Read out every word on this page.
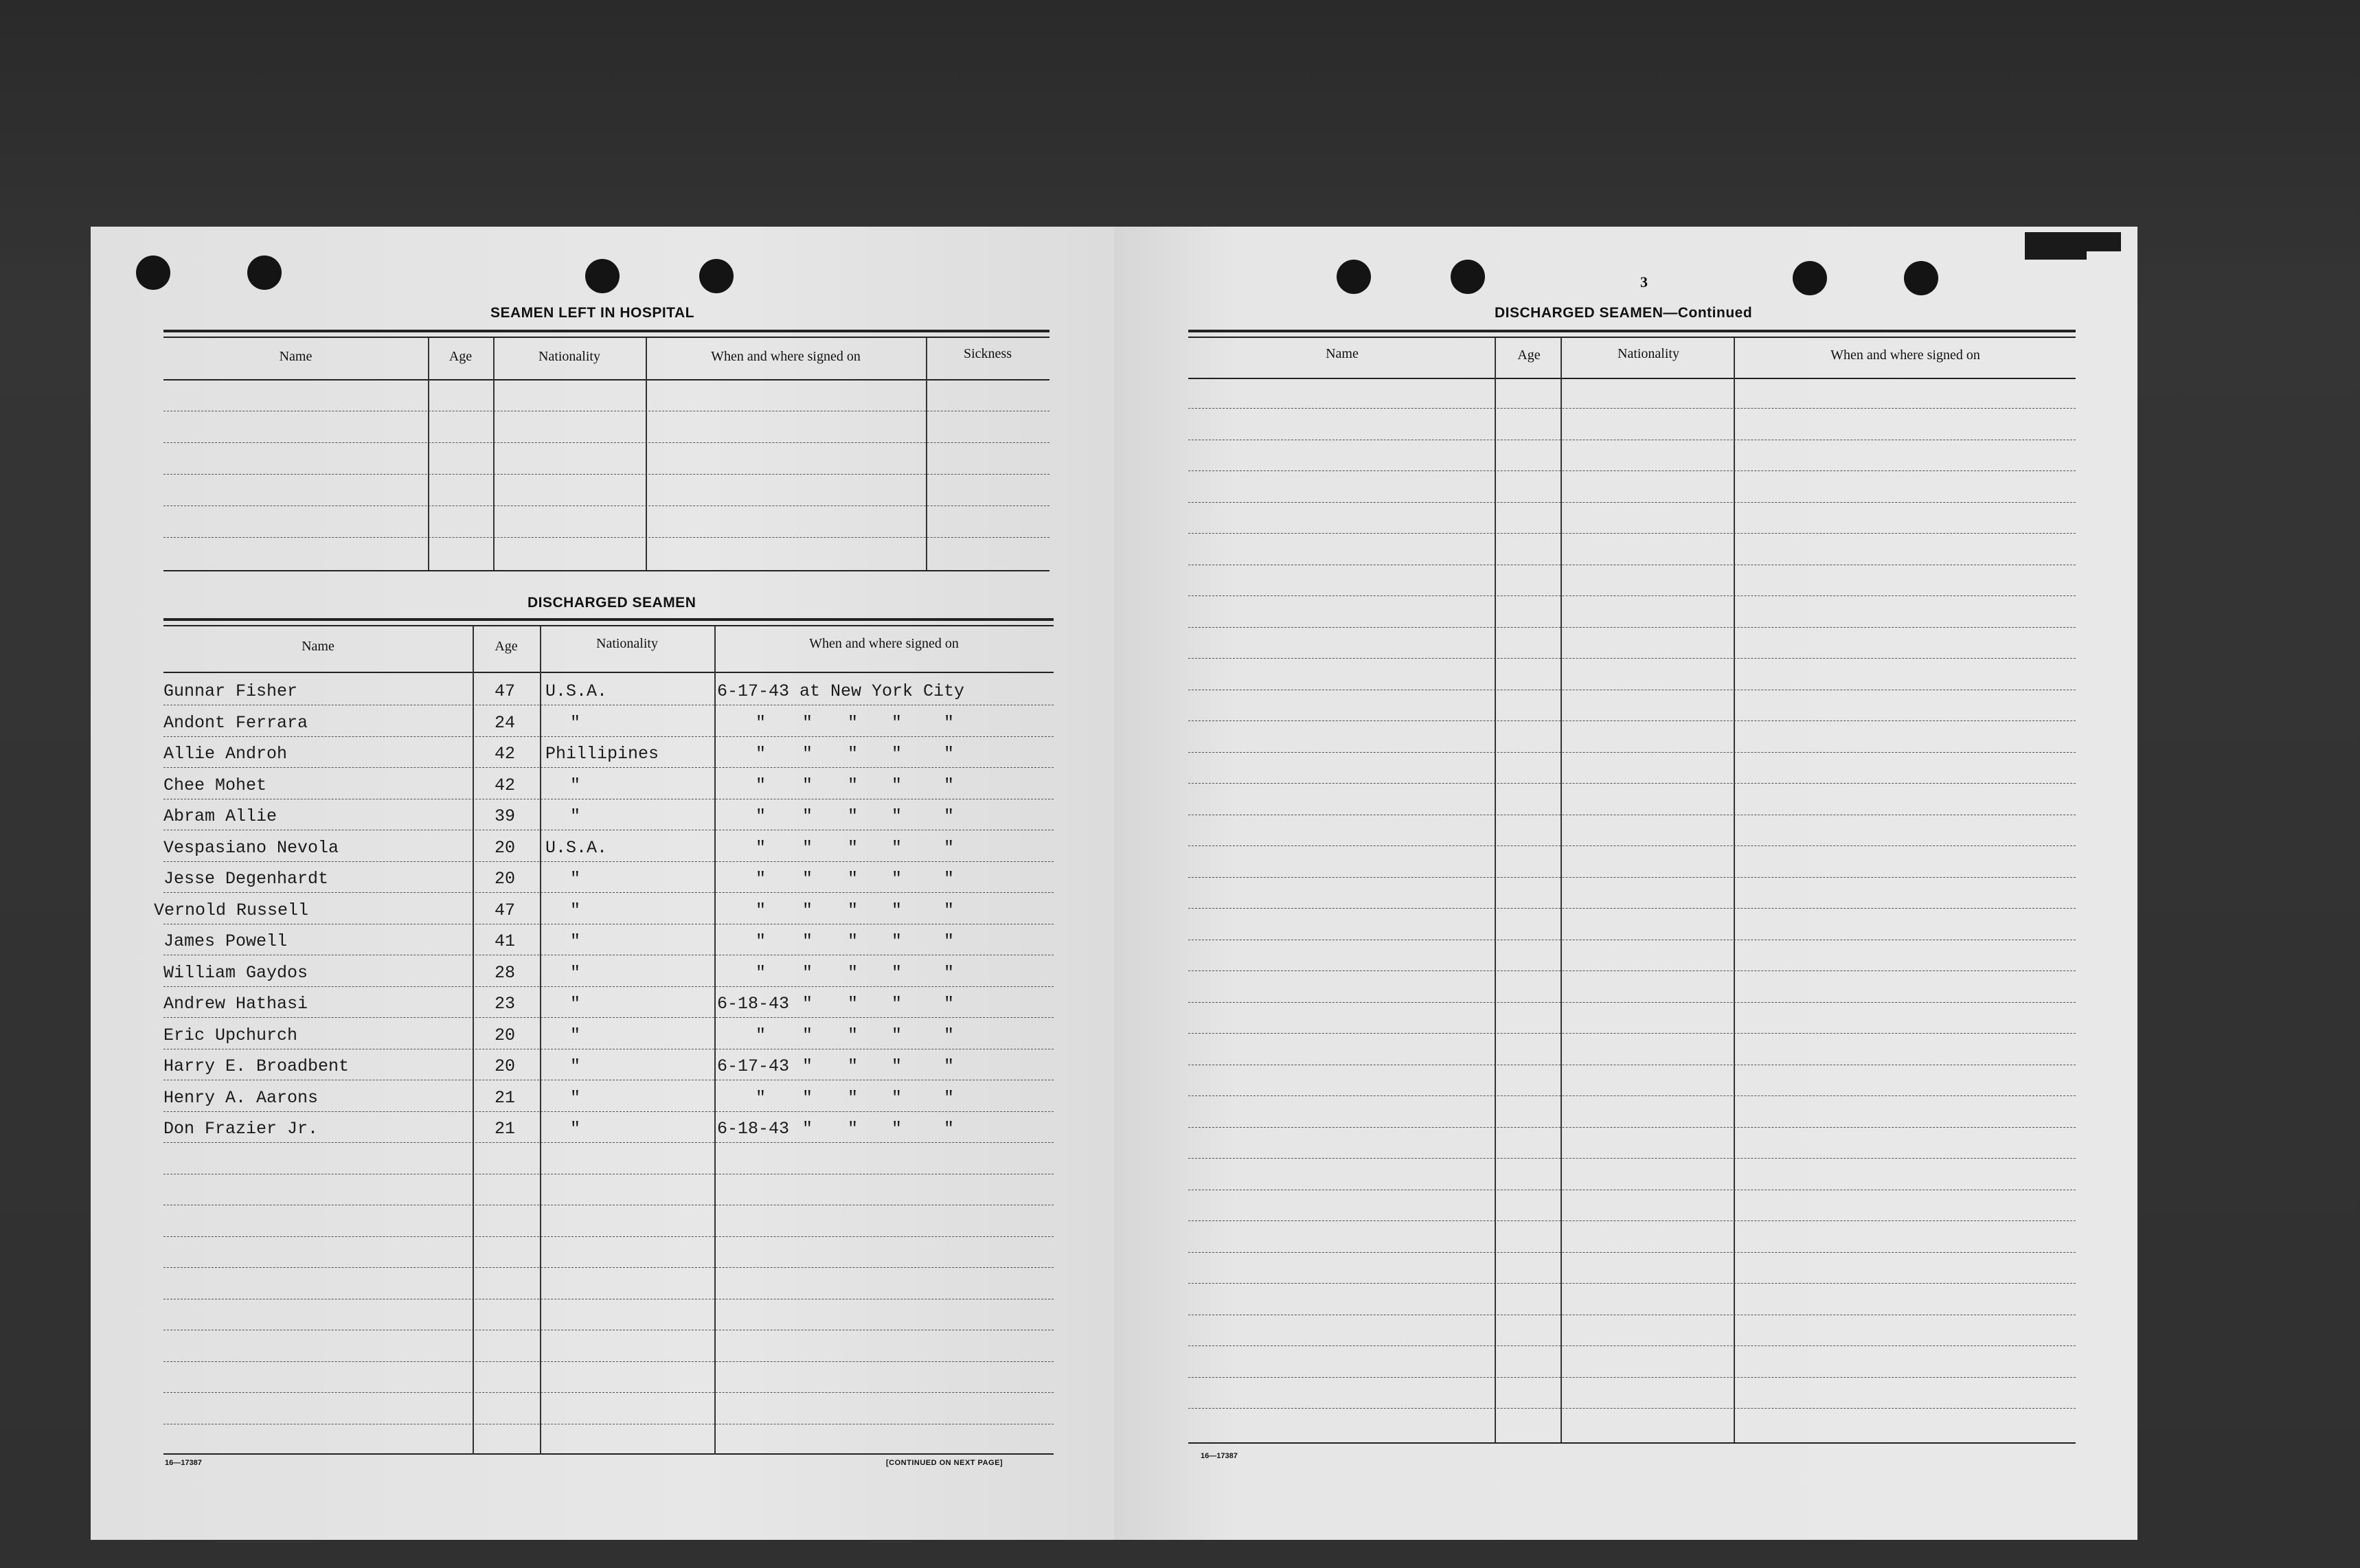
SEAMEN LEFT IN HOSPITAL
Name	Age	Nationality	When and where signed on	Sickness
DISCHARGED SEAMEN
Name	Age	Nationality	When and where signed on
Gunnar Fisher	47 U.S.A.	6-17-43 at New York City
Andont Ferrara	24	"	" " " " "
Allie Androh	42 Phillipines	" " " " "
Chee Mohet	42	"	" " " " "
Abram Allie	39	"	" " " " "
Vespasiano Nevola	20 U.S.A.	" " " " "
Jesse Degenhardt	20	"	" " " " "
Vernold Russell	47	"	" " " " "
James Powell	41	"	" " " " "
William Gaydos	28	"	" " " " "
Andrew Hathasi	23	"	6-18-43 " " " "
Eric Upchurch	20	"	" " " " "
Harry E. Broadbent	20	"	6-17-43 " " " "
Henry A. Aarons	21	"	" " " " "
Don Frazier Jr.	21	"	6-18-43 " " " "
16—17387	[CONTINUED ON NEXT PAGE]
3
DISCHARGED SEAMEN—Continued
Name	Age	Nationality	When and where signed on
16—17387
